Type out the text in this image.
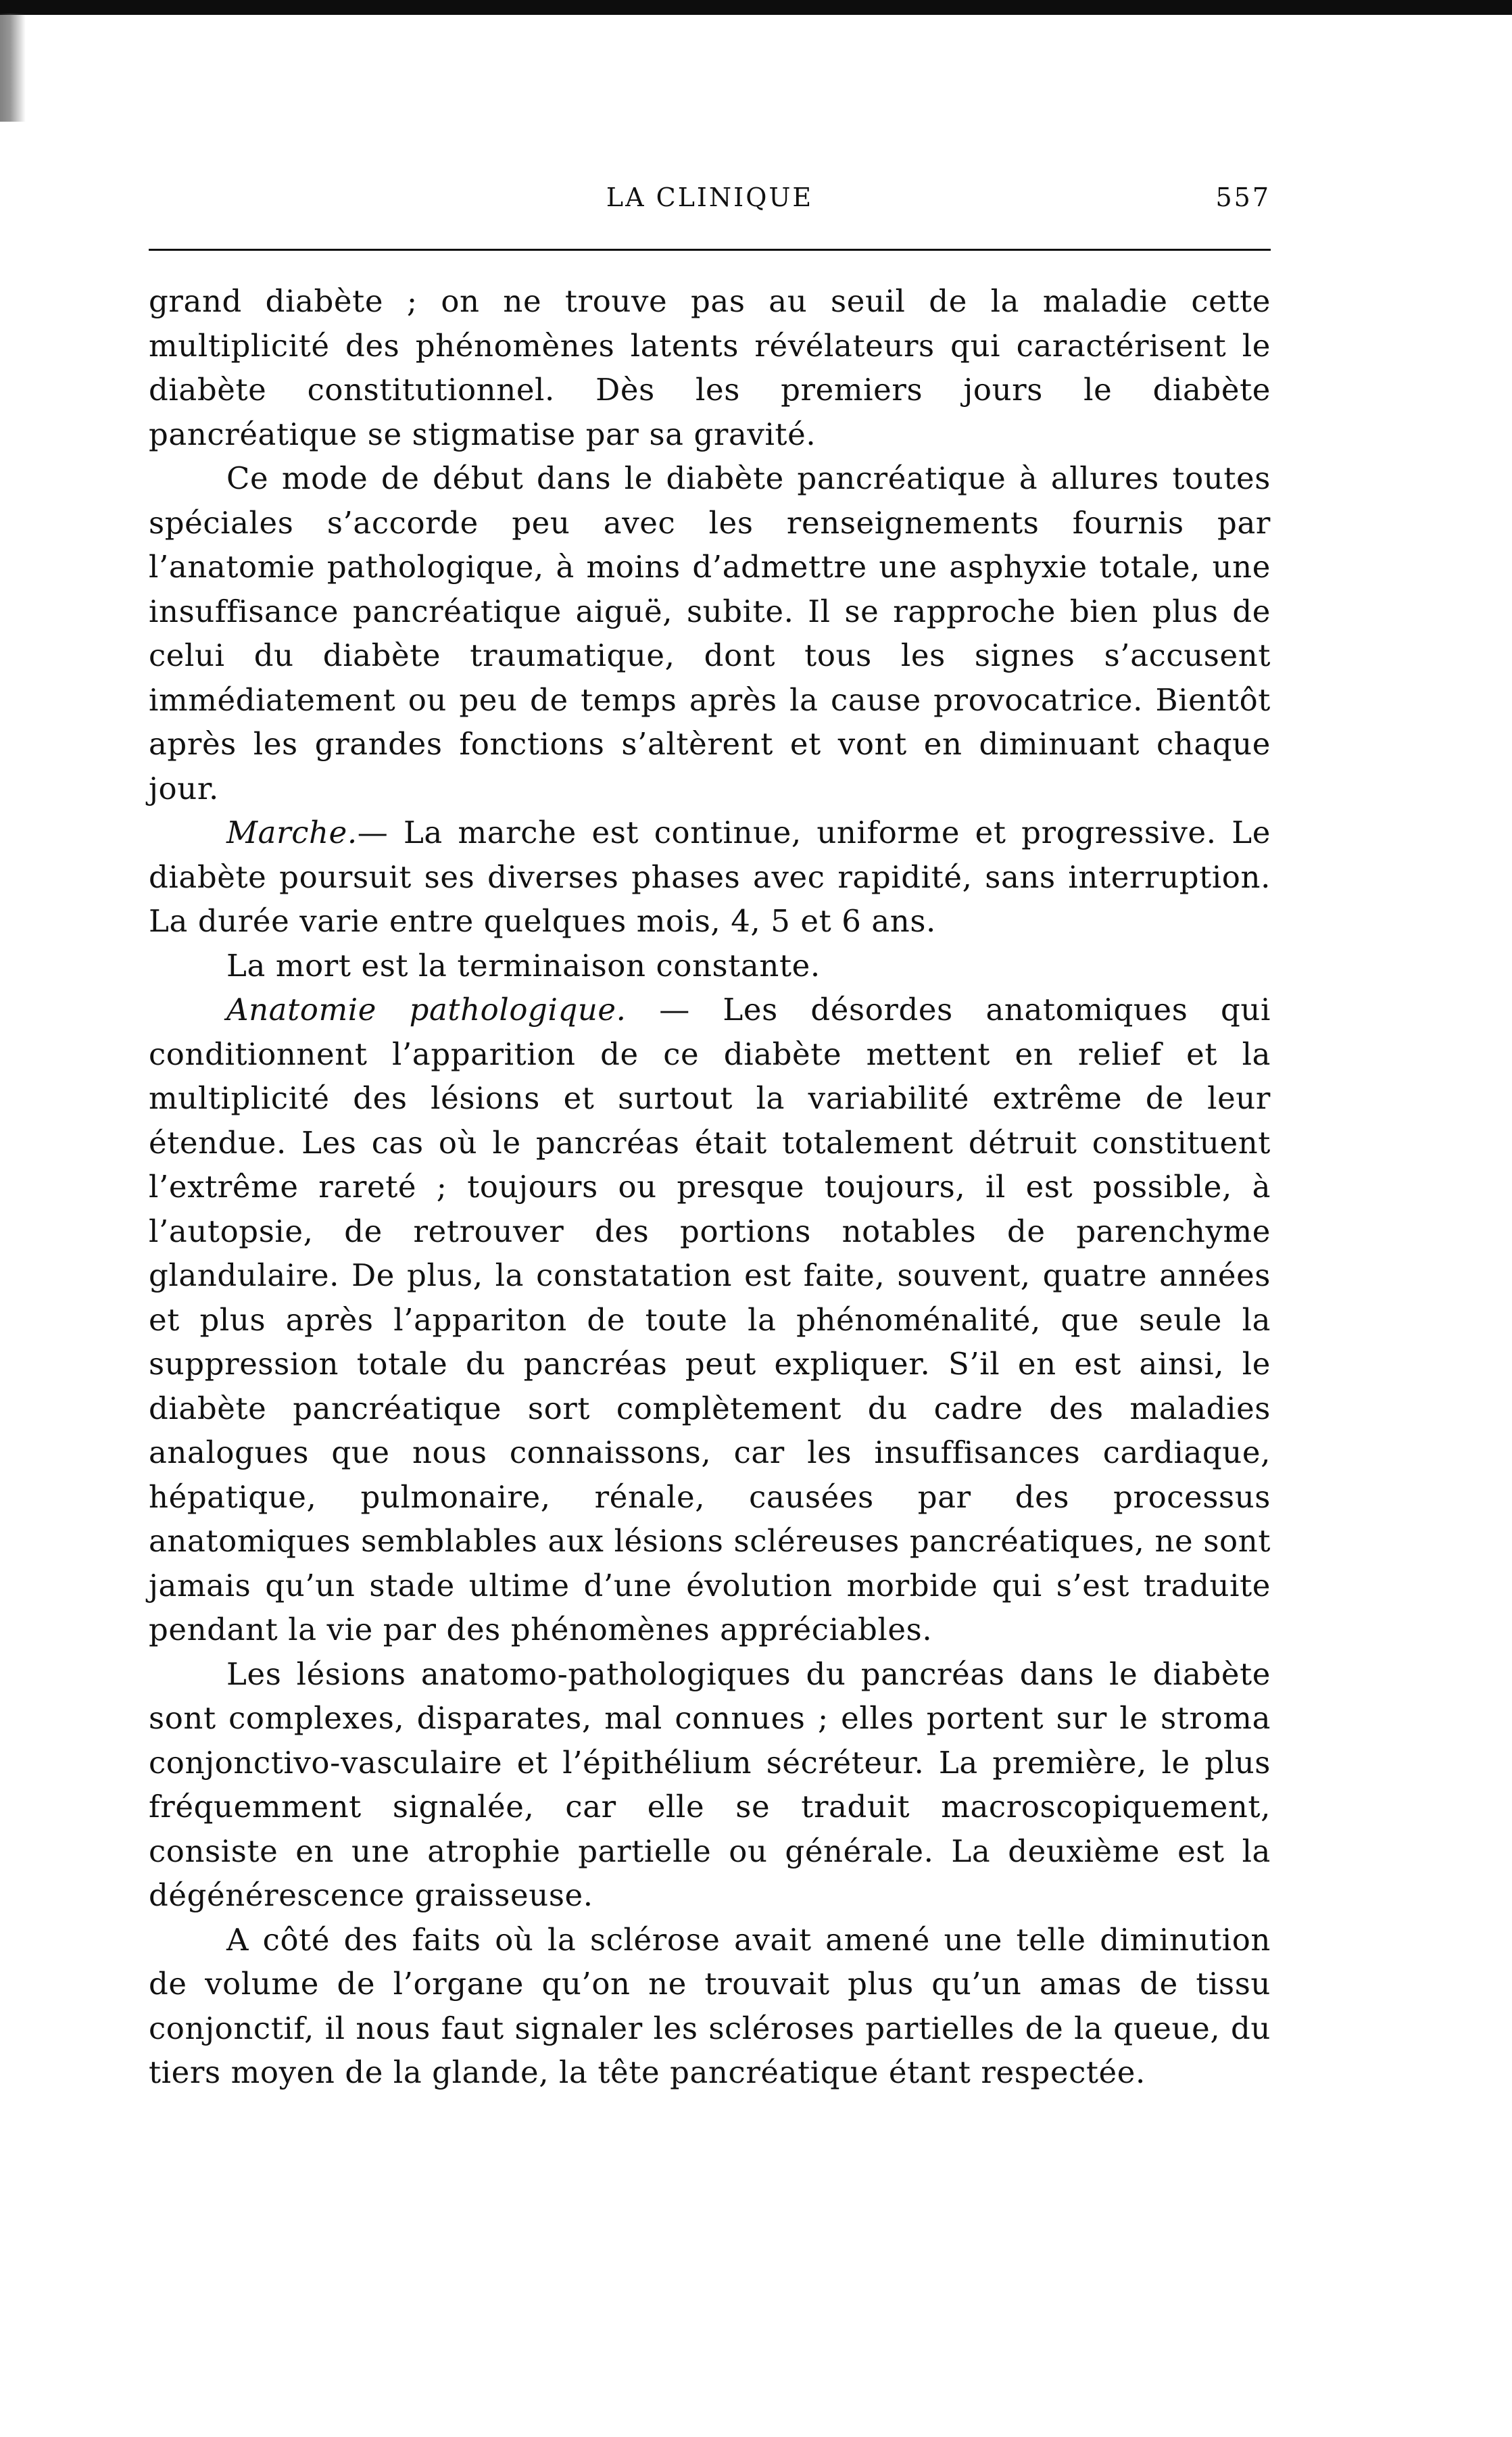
LA CLINIQUE	557

grand diabète ; on ne trouve pas au seuil de la maladie cette multiplicité des phénomènes latents révélateurs qui caractérisent le diabète constitutionnel. Dès les premiers jours le diabète pancréatique se stigmatise par sa gravité.

Ce mode de début dans le diabète pancréatique à allures toutes spéciales s’accorde peu avec les renseignements fournis par l’anatomie pathologique, à moins d’admettre une asphyxie totale, une insuffisance pancréatique aiguë, subite. Il se rapproche bien plus de celui du diabète traumatique, dont tous les signes s’accusent immédiatement ou peu de temps après la cause provocatrice. Bientôt après les grandes fonctions s’altèrent et vont en diminuant chaque jour.

Marche.— La marche est continue, uniforme et progressive. Le diabète poursuit ses diverses phases avec rapidité, sans interruption. La durée varie entre quelques mois, 4, 5 et 6 ans.

La mort est la terminaison constante.

Anatomie pathologique. — Les désordes anatomiques qui conditionnent l’apparition de ce diabète mettent en relief et la multiplicité des lésions et surtout la variabilité extrême de leur étendue. Les cas où le pancréas était totalement détruit constituent l’extrême rareté ; toujours ou presque toujours, il est possible, à l’autopsie, de retrouver des portions notables de parenchyme glandulaire. De plus, la constatation est faite, souvent, quatre années et plus après l’appariton de toute la phénoménalité, que seule la suppression totale du pancréas peut expliquer. S’il en est ainsi, le diabète pancréatique sort complètement du cadre des maladies analogues que nous connaissons, car les insuffisances cardiaque, hépatique, pulmonaire, rénale, causées par des processus anatomiques semblables aux lésions scléreuses pancréatiques, ne sont jamais qu’un stade ultime d’une évolution morbide qui s’est traduite pendant la vie par des phénomènes appréciables.

Les lésions anatomo-pathologiques du pancréas dans le diabète sont complexes, disparates, mal connues ; elles portent sur le stroma conjonctivo-vasculaire et l’épithélium sécréteur. La première, le plus fréquemment signalée, car elle se traduit macroscopiquement, consiste en une atrophie partielle ou générale. La deuxième est la dégénérescence graisseuse.

A côté des faits où la sclérose avait amené une telle diminution de volume de l’organe qu’on ne trouvait plus qu’un amas de tissu conjonctif, il nous faut signaler les scléroses partielles de la queue, du tiers moyen de la glande, la tête pancréatique étant respectée.
